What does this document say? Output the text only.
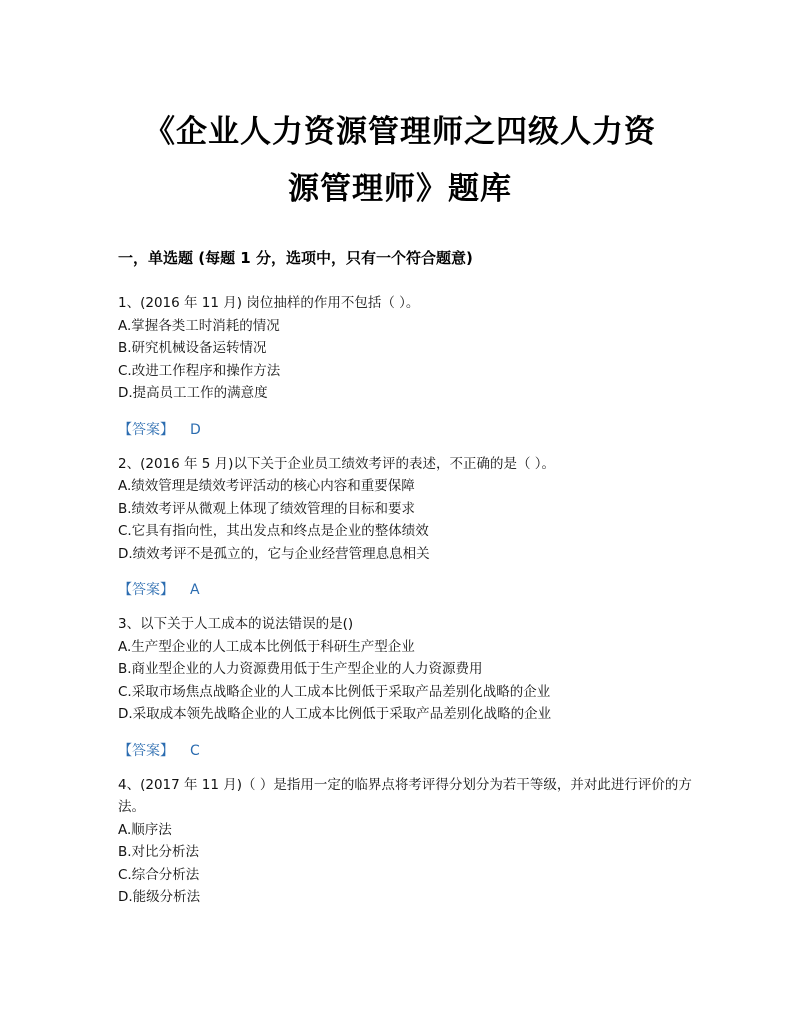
《企业人力资源管理师之四级人力资
源管理师》题库
一，单选题 (每题 1 分，选项中，只有一个符合题意)

1、(2016 年 11 月) 岗位抽样的作用不包括（ ）。

A.掌握各类工时消耗的情况

B.研究机械设备运转情况

C.改进工作程序和操作方法

D.提高员工工作的满意度

【答案】 D

2、(2016 年 5 月)以下关于企业员工绩效考评的表述，不正确的是（ ）。

A.绩效管理是绩效考评活动的核心内容和重要保障

B.绩效考评从微观上体现了绩效管理的目标和要求

C.它具有指向性，其出发点和终点是企业的整体绩效

D.绩效考评不是孤立的，它与企业经营管理息息相关

【答案】 A

3、以下关于人工成本的说法错误的是()

A.生产型企业的人工成本比例低于科研生产型企业

B.商业型企业的人力资源费用低于生产型企业的人力资源费用

C.采取市场焦点战略企业的人工成本比例低于采取产品差别化战略的企业

D.采取成本领先战略企业的人工成本比例低于采取产品差别化战略的企业

【答案】 C

4、(2017 年 11 月)（ ）是指用一定的临界点将考评得分划分为若干等级，并对此进行评价的方法。

A.顺序法

B.对比分析法

C.综合分析法

D.能级分析法
